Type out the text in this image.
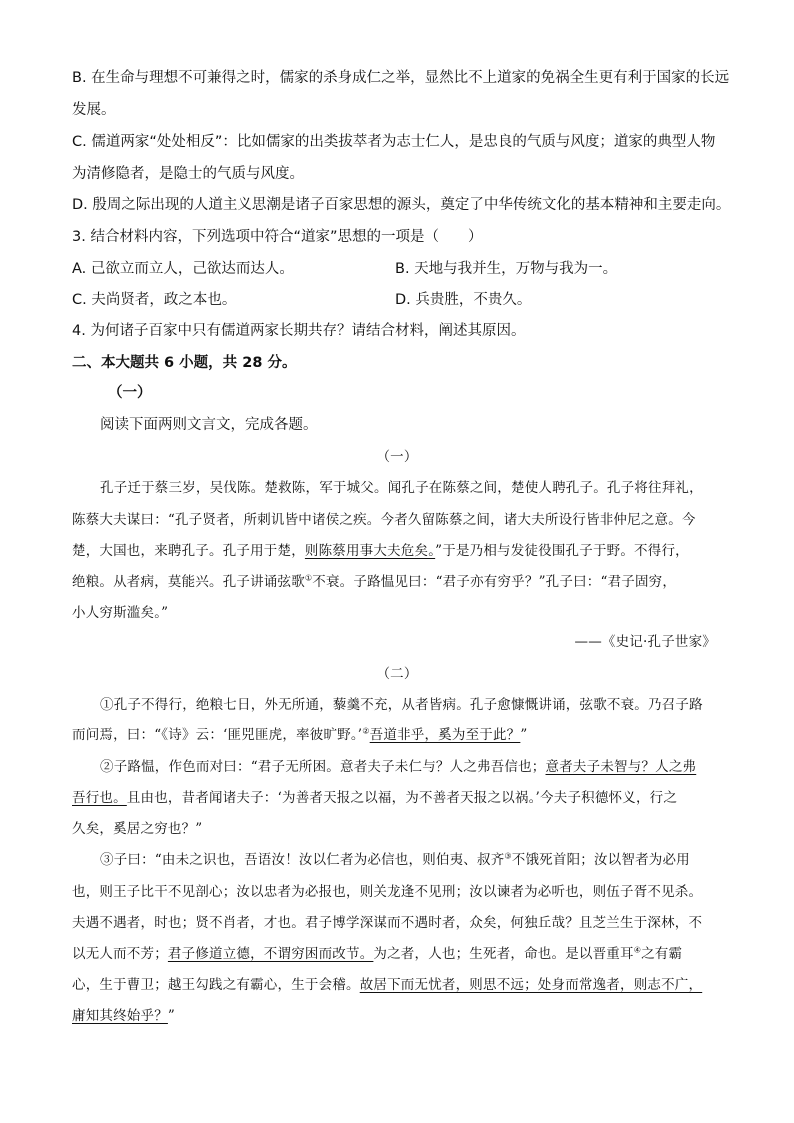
B. 在生命与理想不可兼得之时，儒家的杀身成仁之举，显然比不上道家的免祸全生更有利于国家的长远
发展。
C. 儒道两家“处处相反”：比如儒家的出类拔萃者为志士仁人，是忠良的气质与风度；道家的典型人物
为清修隐者，是隐士的气质与风度。
D. 殷周之际出现的人道主义思潮是诸子百家思想的源头，奠定了中华传统文化的基本精神和主要走向。
3. 结合材料内容，下列选项中符合“道家”思想的一项是（　　）
A. 己欲立而立人，己欲达而达人。	B. 天地与我并生，万物与我为一。
C. 夫尚贤者，政之本也。	D. 兵贵胜，不贵久。
4. 为何诸子百家中只有儒道两家长期共存？请结合材料，阐述其原因。
二、本大题共 6 小题，共 28 分。
（一）
阅读下面两则文言文，完成各题。
（一）
孔子迁于蔡三岁，吴伐陈。楚救陈，军于城父。闻孔子在陈蔡之间，楚使人聘孔子。孔子将往拜礼，
陈蔡大夫谋曰：“孔子贤者，所刺讥皆中诸侯之疾。今者久留陈蔡之间，诸大夫所设行皆非仲尼之意。今
楚，大国也，来聘孔子。孔子用于楚，则陈蔡用事大夫危矣。”于是乃相与发徒役围孔子于野。不得行，
绝粮。从者病，莫能兴。孔子讲诵弦歌①不衰。子路愠见曰：“君子亦有穷乎？”孔子曰：“君子固穷，
小人穷斯滥矣。”
——《史记·孔子世家》
（二）
①孔子不得行，绝粮七日，外无所通，藜羹不充，从者皆病。孔子愈慷慨讲诵，弦歌不衰。乃召子路
而问焉，曰：“《诗》云：‘匪兕匪虎，率彼旷野。’②吾道非乎，奚为至于此？”
②子路愠，作色而对曰：“君子无所困。意者夫子未仁与？人之弗吾信也；意者夫子未智与？人之弗
吾行也。且由也，昔者闻诸夫子：‘为善者天报之以福，为不善者天报之以祸。’今夫子积德怀义，行之
久矣，奚居之穷也？”
③子曰：“由未之识也，吾语汝！汝以仁者为必信也，则伯夷、叔齐③不饿死首阳；汝以智者为必用
也，则王子比干不见剖心；汝以忠者为必报也，则关龙逢不见刑；汝以谏者为必听也，则伍子胥不见杀。
夫遇不遇者，时也；贤不肖者，才也。君子博学深谋而不遇时者，众矣，何独丘哉？且芝兰生于深林，不
以无人而不芳；君子修道立德，不谓穷困而改节。为之者，人也；生死者，命也。是以晋重耳④之有霸
心，生于曹卫；越王勾践之有霸心，生于会稽。故居下而无忧者，则思不远；处身而常逸者，则志不广，
庸知其终始乎？”
